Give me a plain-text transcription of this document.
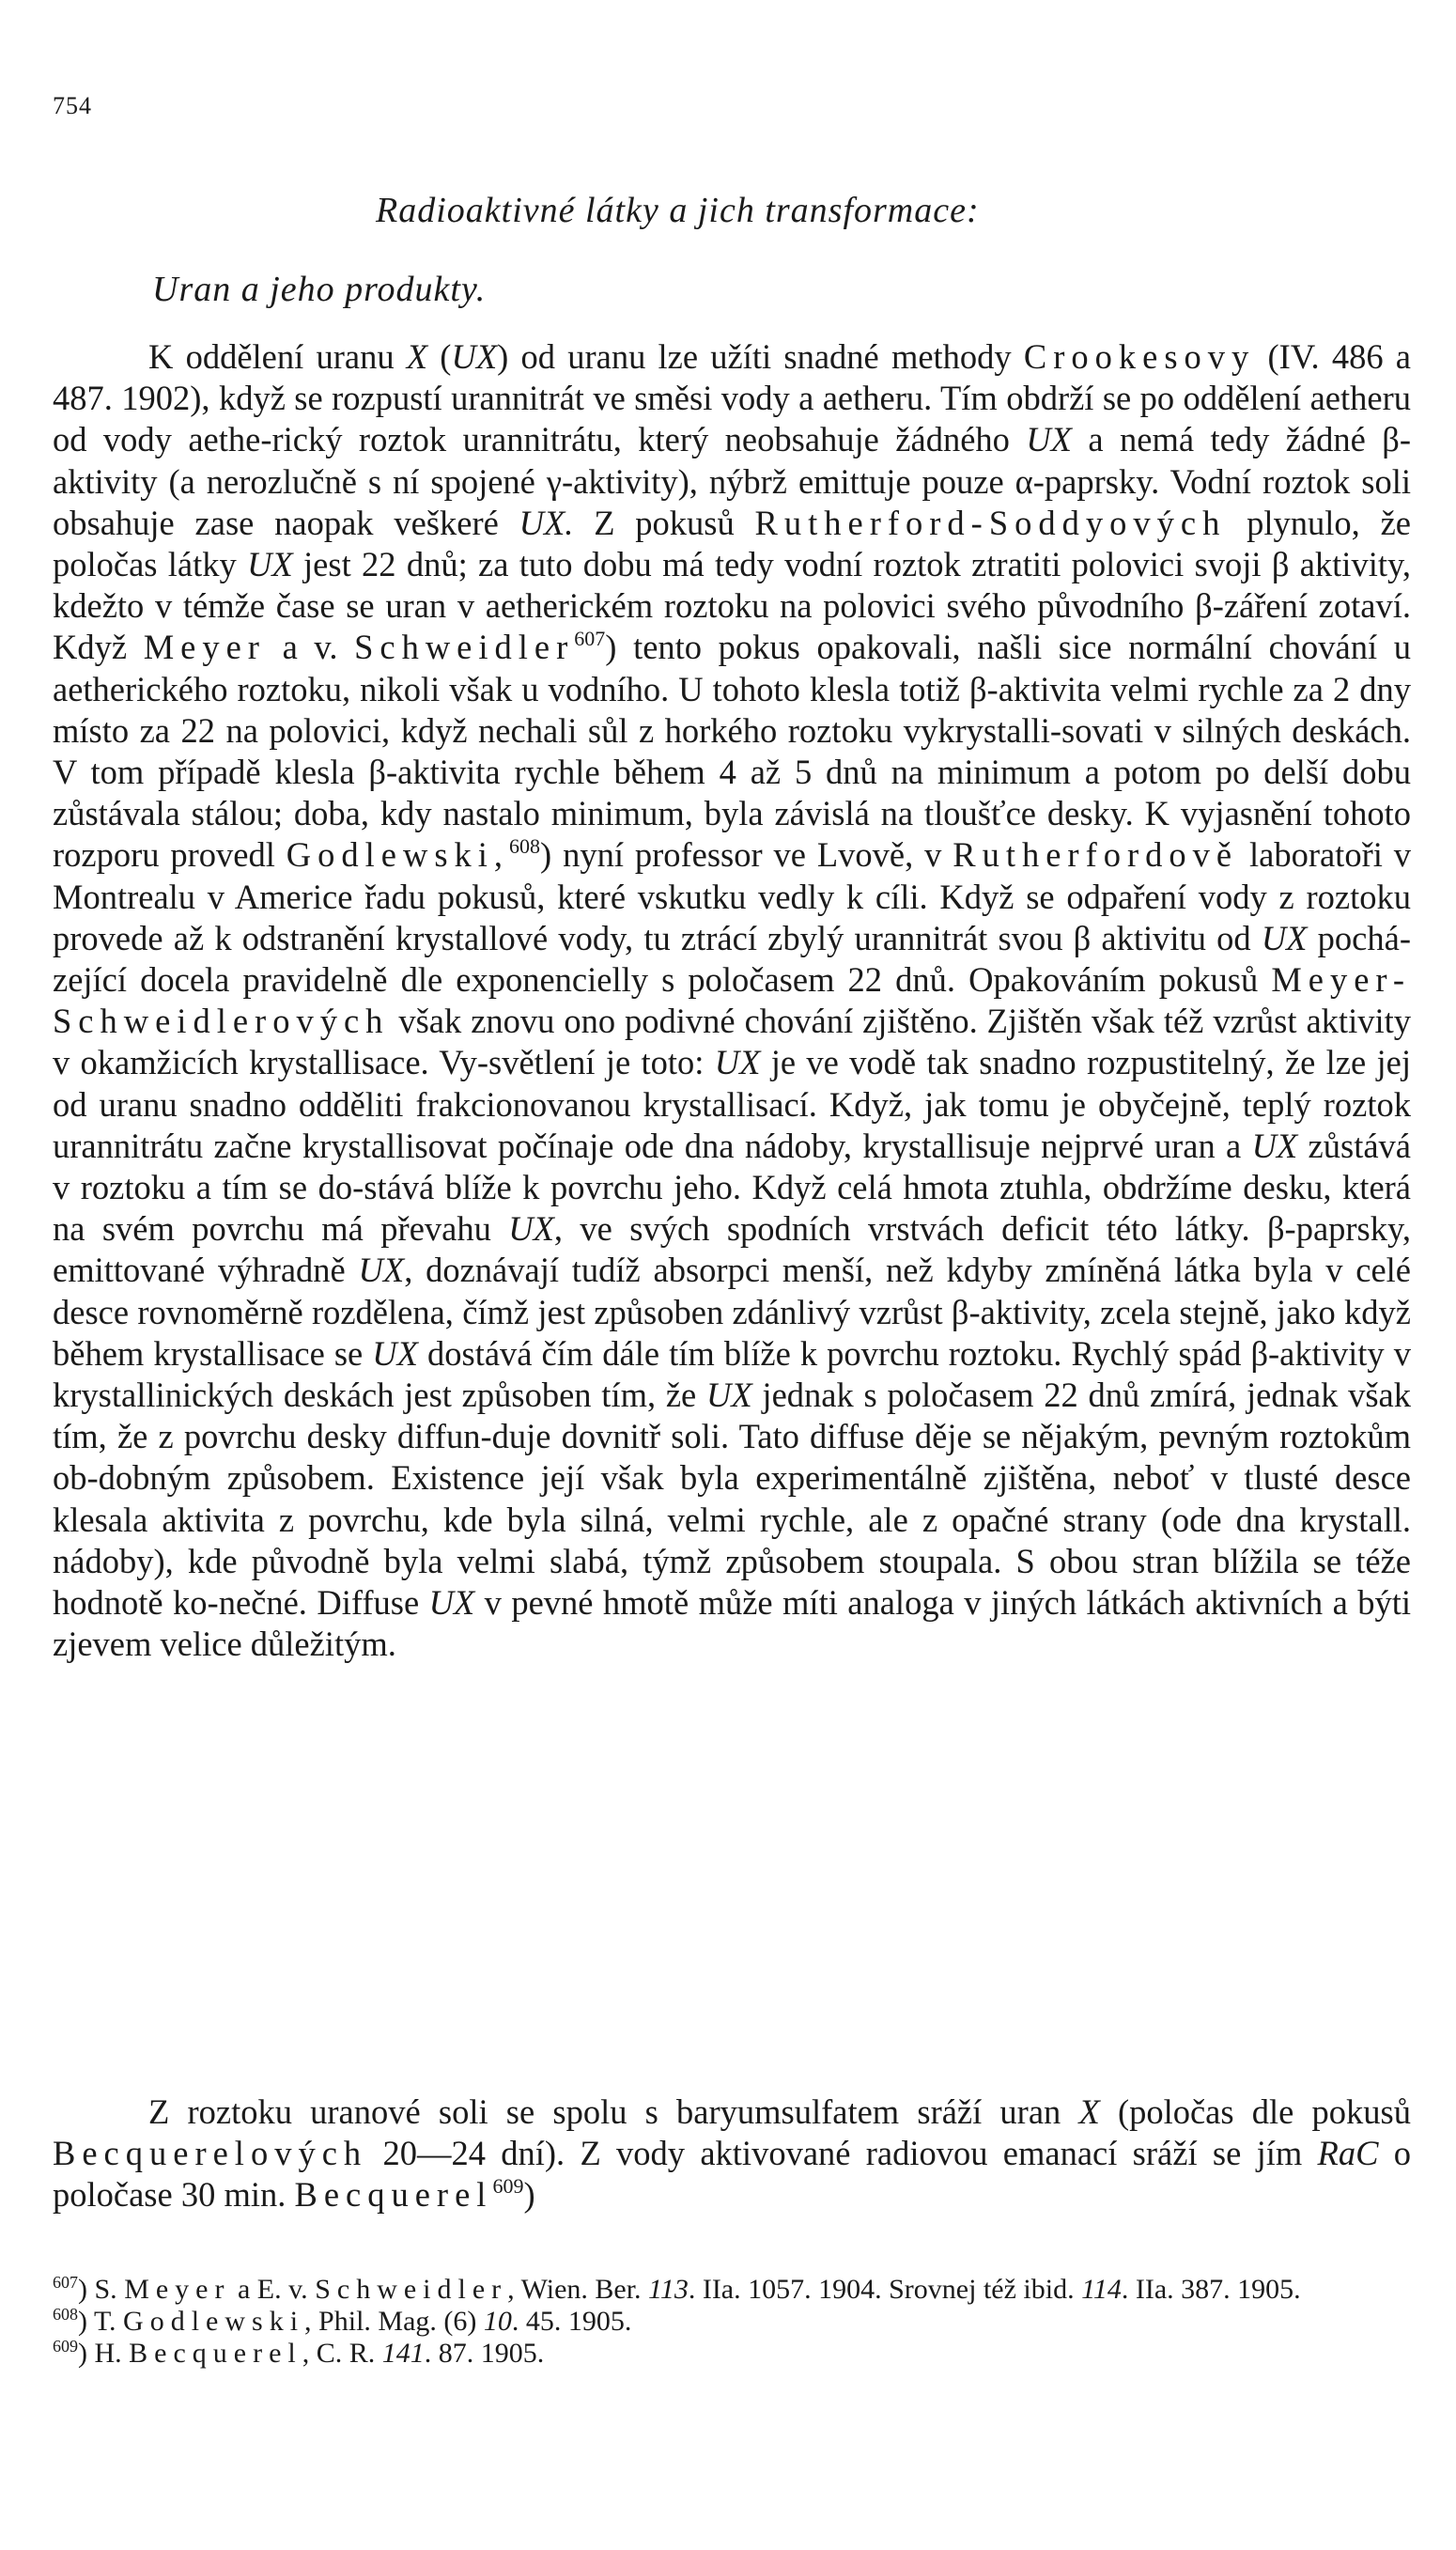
754
Radioaktivné látky a jich transformace:
Uran a jeho produkty.

K oddělení uranu X (UX) od uranu lze užíti snadné methody Crookesovy (IV. 486 a 487. 1902), když se rozpustí urannitrát ve směsi vody a aetheru. Tím obdrží se po oddělení aetheru od vody aethe-rický roztok urannitrátu, který neobsahuje žádného UX a nemá tedy žádné β-aktivity (a nerozlučně s ní spojené γ-aktivity), nýbrž emittuje pouze α-paprsky. Vodní roztok soli obsahuje zase naopak veškeré UX. Z pokusů Rutherford-Soddyových plynulo, že poločas látky UX jest 22 dnů; za tuto dobu má tedy vodní roztok ztratiti polovici svoji β aktivity, kdežto v témže čase se uran v aetherickém roztoku na polovici svého původního β-záření zotaví. Když Meyer a v. Schweidler$^{607}$) tento pokus opakovali, našli sice normální chování u aetherického roztoku, nikoli však u vodního. U tohoto klesla totiž β-aktivita velmi rychle za 2 dny místo za 22 na polovici, když nechali sůl z horkého roztoku vykrystalli-sovati v silných deskách. V tom případě klesla β-aktivita rychle během 4 až 5 dnů na minimum a potom po delší dobu zůstávala stálou; doba, kdy nastalo minimum, byla závislá na tloušťce desky. K vyjasnění tohoto rozporu provedl Godlewski,$^{608}$) nyní professor ve Lvově, v Rutherfordově laboratoři v Montrealu v Americe řadu pokusů, které vskutku vedly k cíli. Když se odpaření vody z roztoku provede až k odstranění krystallové vody, tu ztrácí zbylý urannitrát svou β aktivitu od UX pochá-zející docela pravidelně dle exponencielly s poločasem 22 dnů. Opakováním pokusů Meyer-Schweidlerových však znovu ono podivné chování zjištěno. Zjištěn však též vzrůst aktivity v okamžicích krystallisace. Vy-světlení je toto: UX je ve vodě tak snadno rozpustitelný, že lze jej od uranu snadno odděliti frakcionovanou krystallisací. Když, jak tomu je obyčejně, teplý roztok urannitrátu začne krystallisovat počínaje ode dna nádoby, krystallisuje nejprvé uran a UX zůstává v roztoku a tím se do-stává blíže k povrchu jeho. Když celá hmota ztuhla, obdržíme desku, která na svém povrchu má převahu UX, ve svých spodních vrstvách deficit této látky. β-paprsky, emittované výhradně UX, doznávají tudíž absorpci menší, než kdyby zmíněná látka byla v celé desce rovnoměrně rozdělena, čímž jest způsoben zdánlivý vzrůst β-aktivity, zcela stejně, jako když během krystallisace se UX dostává čím dále tím blíže k povrchu roztoku. Rychlý spád β-aktivity v krystallinických deskách jest způsoben tím, že UX jednak s poločasem 22 dnů zmírá, jednak však tím, že z povrchu desky diffun-duje dovnitř soli. Tato diffuse děje se nějakým, pevným roztokům ob-dobným způsobem. Existence její však byla experimentálně zjištěna, neboť v tlusté desce klesala aktivita z povrchu, kde byla silná, velmi rychle, ale z opačné strany (ode dna krystall. nádoby), kde původně byla velmi slabá, týmž způsobem stoupala. S obou stran blížila se téže hodnotě ko-nečné. Diffuse UX v pevné hmotě může míti analoga v jiných látkách aktivních a býti zjevem velice důležitým.

Z roztoku uranové soli se spolu s baryumsulfatem sráží uran X (poločas dle pokusů Becquerelových 20—24 dní). Z vody aktivované radiovou emanací sráží se jím RaC o poločase 30 min. Becquerel$^{609}$)

$^{607}$) S. Meyer a E. v. Schweidler, Wien. Ber. 113. IIa. 1057. 1904. Srovnej též ibid. 114. IIa. 387. 1905.

$^{608}$) T. Godlewski, Phil. Mag. (6) 10. 45. 1905.

$^{609}$) H. Becquerel, C. R. 141. 87. 1905.
